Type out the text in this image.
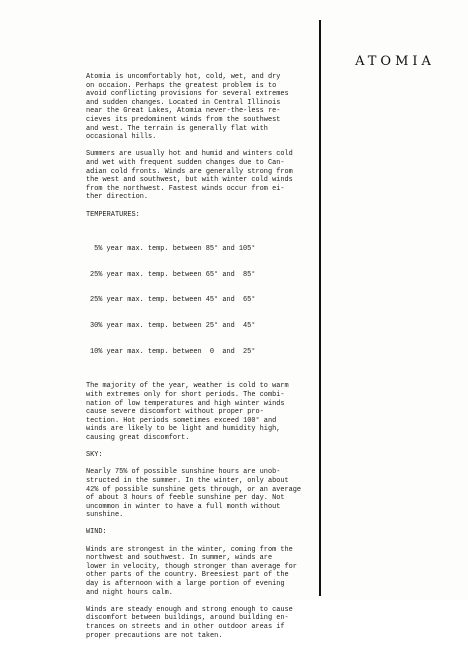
ATOMIA
Atomia is uncomfortably hot, cold, wet, and dry
on occaion. Perhaps the greatest problem is to
avoid conflicting provisions for several extremes
and sudden changes. Located in Central Illinois
near the Great Lakes, Atomia never-the-less re-
cieves its predominent winds from the southwest
and west. The terrain is generally flat with
occasional hills.
Summers are usually hot and humid and winters cold
and wet with frequent sudden changes due to Can-
adian cold fronts. Winds are generally strong from
the west and southwest, but with winter cold winds
from the northwest. Fastest winds occur from ei-
ther direction.
TEMPERATURES:

5% year max. temp. between 85° and 105°

25% year max. temp. between 65° and  85°

25% year max. temp. between 45° and  65°

30% year max. temp. between 25° and  45°

10% year max. temp. between  0  and  25°

The majority of the year, weather is cold to warm
with extremes only for short periods. The combi-
nation of low temperatures and high winter winds
cause severe discomfort without proper pro-
tection. Hot periods sometimes exceed 100° and
winds are likely to be light and humidity high,
causing great discomfort.
SKY:
Nearly 75% of possible sunshine hours are unob-
structed in the summer. In the winter, only about
42% of possible sunshine gets through, or an average
of about 3 hours of feeble sunshine per day. Not
uncommon in winter to have a full month without
sunshine.
WIND:
Winds are strongest in the winter, coming from the
northwest and southwest. In summer, winds are
lower in velocity, though stronger than average for
other parts of the country. Breesiest part of the
day is afternoon with a large portion of evening
and night hours calm.
Winds are steady enough and strong enough to cause
discomfort between buildings, around building en-
trances on streets and in other outdoor areas if
proper precautions are not taken.
